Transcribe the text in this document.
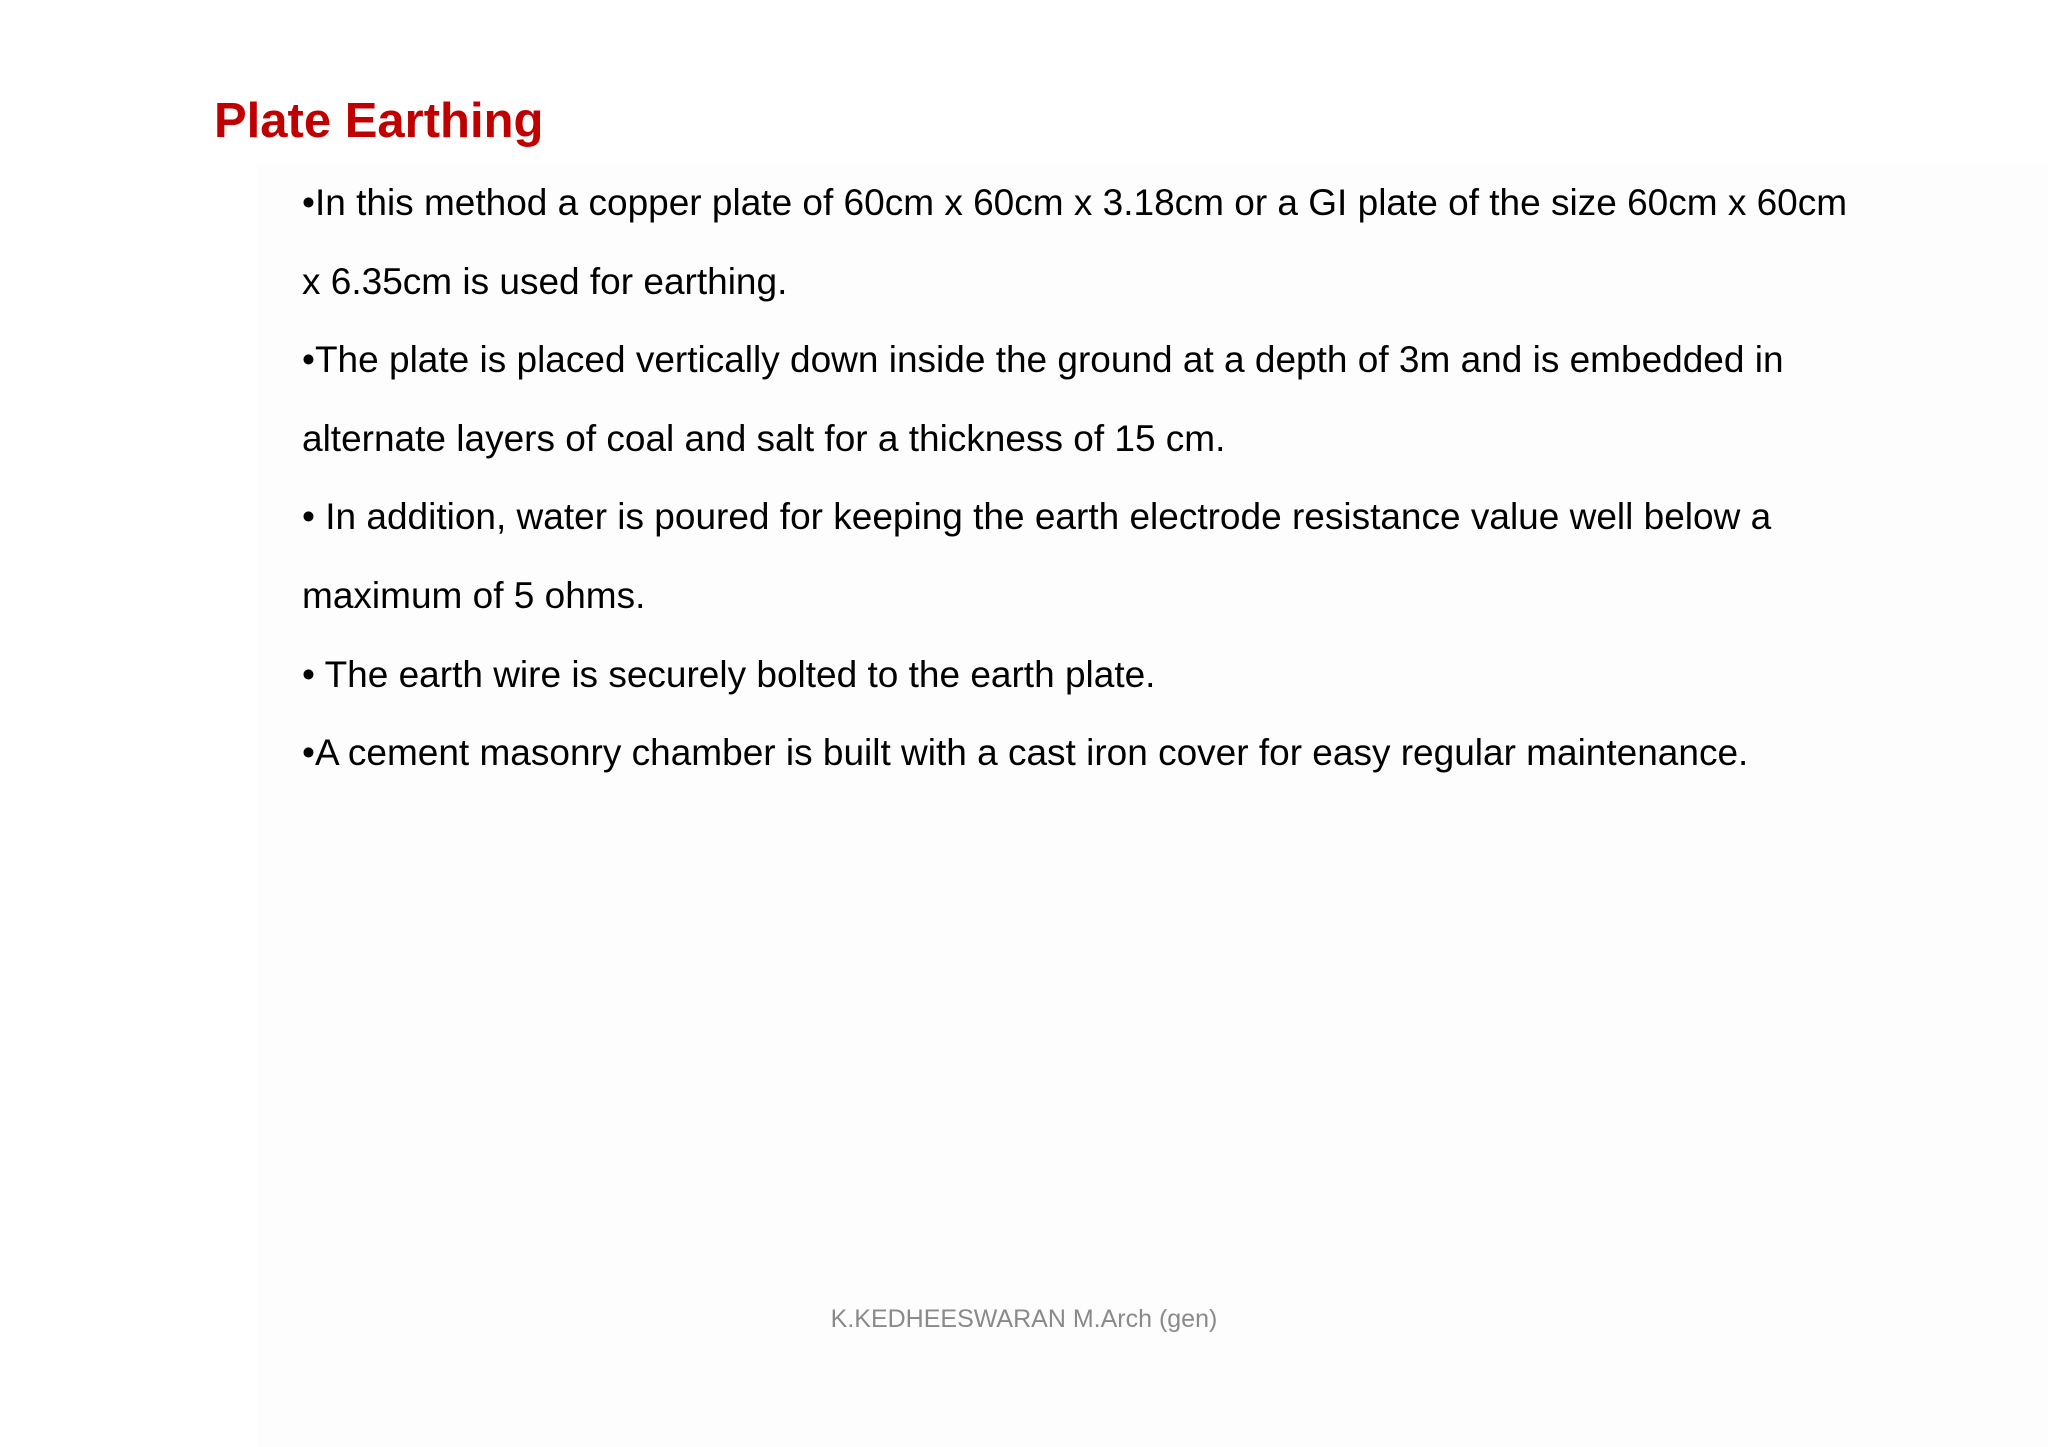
Plate Earthing

•In this method a copper plate of 60cm x 60cm x 3.18cm or a GI plate of the size 60cm x 60cm x 6.35cm is used for earthing.

•The plate is placed vertically down inside the ground at a depth of 3m and is embedded in alternate layers of coal and salt for a thickness of 15 cm.

• In addition, water is poured for keeping the earth electrode resistance value well below a maximum of 5 ohms.

• The earth wire is securely bolted to the earth plate.

•A cement masonry chamber is built with a cast iron cover for easy regular maintenance.

K.KEDHEESWARAN M.Arch (gen)
